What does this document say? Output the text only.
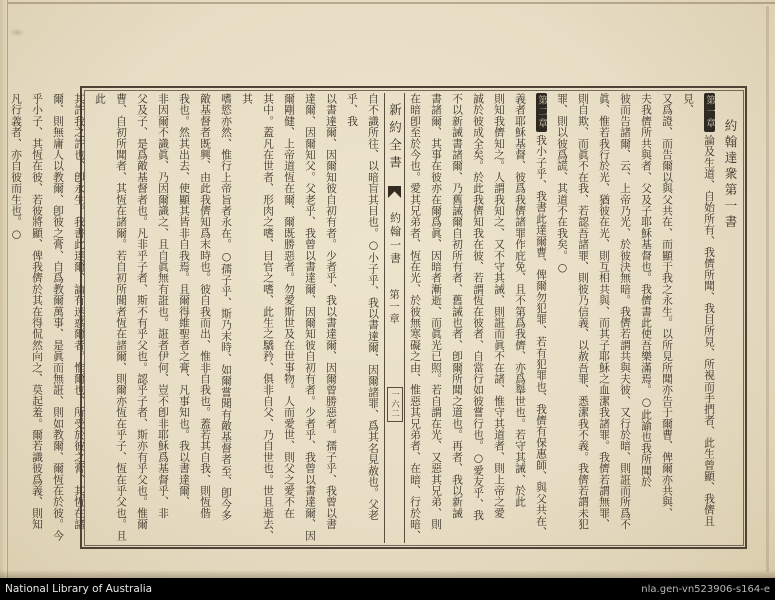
約翰達衆第一書
第一章論及生道、自始所有、我儕所聞、我目所見、所視而手捫者、此生曾顯、我儕且見、
又爲證、而告爾以與父共在、而顯于我之永生。以所見所聞亦告于爾曹、俾爾亦共與、
夫我儕所共與者、父及子耶穌基督也。我儕書此使吾樂滿焉。○此諭也我所聞於
彼而告諸爾、云、上帝乃光、於彼決無暗。我儕若謂共與夫彼、又行於暗、則誑而所爲不
眞、惟若我行於光、猶彼在光、則互相共與、而其子耶穌之血潔我諸罪。我儕若謂無罪、
則自欺、而眞不在我、若認吾諸罪、則彼乃信義、以赦吾罪、悉潔我不義。我儕若謂未犯
罪、則以彼爲謊、其道不在我矣。○
第二章我小子乎、我書此達爾曹、俾爾勿犯罪、若有犯罪也、我儕有保惠師、與父共在、
義者耶穌基督、彼爲我儕諸罪作庇免、且不第爲我儕、亦爲舉世也。若守其誡、於此
則知我儕知之。人謂我知之、又不守其誡、則誑而眞不在諸、惟守其道者、則上帝之愛
誠於彼成全矣。於此我儕知我在彼、若謂恆在彼者、自當行如彼嘗行也。○愛友乎、我
不以新誡書諸爾、乃舊誡爾自初所有者、舊誡也者、卽爾所聞之道也。再者、我以新誡
書諸爾、其事在彼亦在爾爲眞、因暗者漸逝、而眞光已照。若自謂在光、又惡其兄弟、則
在暗卽至於今也。愛其兄弟者、恆在光、於彼無寒礙之由、惟惡其兄弟者、在暗、行於暗、
新約全書
約翰一書
第一章
一六二
自不識所往、以暗盲其目也。○小子乎、我以書達爾、因爾諸罪、爲其名見赦也。父老乎、我
以書達爾、因爾知彼自初有者。少者乎、我以書達爾、因爾曾勝惡者。孺子乎、我曾以書
達爾、因爾知父。父老乎、我曾以書達爾、因爾知彼自初有者。少者乎、我曾以書達爾、因
爾剛健、上帝道恆在爾、爾既勝惡者。勿愛斯世及在世事物。人而愛世、則父之愛不在
其中。蓋凡在世者、形肉之嗜、目官之嗜、此生之驕矜、俱非自父、乃自世也。世且逝去、其
嗜慾亦然、惟行上帝旨者永在。○孺子乎、斯乃末時、如爾嘗聞有敵基督者至、卽今多
敵基督者既興、由此我儕知爲末時也。彼自我而出、惟非自我也。蓋若其自我、則恆偕
我也。然其出去、使顯其皆非自我焉。且爾得維聖者之膏、凡事知也。我以書達爾、
非因爾不識眞、乃因爾識之、且自眞無有誑也。誑者伊何、豈不卽非耶穌爲基督乎、非
父及子、是爲敵基督者也。凡非乎子者、斯不有乎父也。認乎子者、斯亦有乎父也。惟爾
曹、自初所聞者、其恆在諸爾。若自初所聞者恆在諸爾、則爾亦恆在乎子、恆在乎父也。且此
其許我之許也、卽永生。我書此達爾、論有迷惑爾者。惟爾也、所受於彼之膏、其恆在諸
爾、則無庸人以教爾、卽彼之膏、自爲教爾萬事、是眞而無誑、則如教爾、爾恆在於彼。今
乎小子、其恆在彼、若彼將顯、俾我儕於其在得侃然向之、莫起羞。爾若識彼爲義、則知
凡行義者、亦自彼而生也。○
National Library of Australia	nla.gen-vn523906-s164-e
